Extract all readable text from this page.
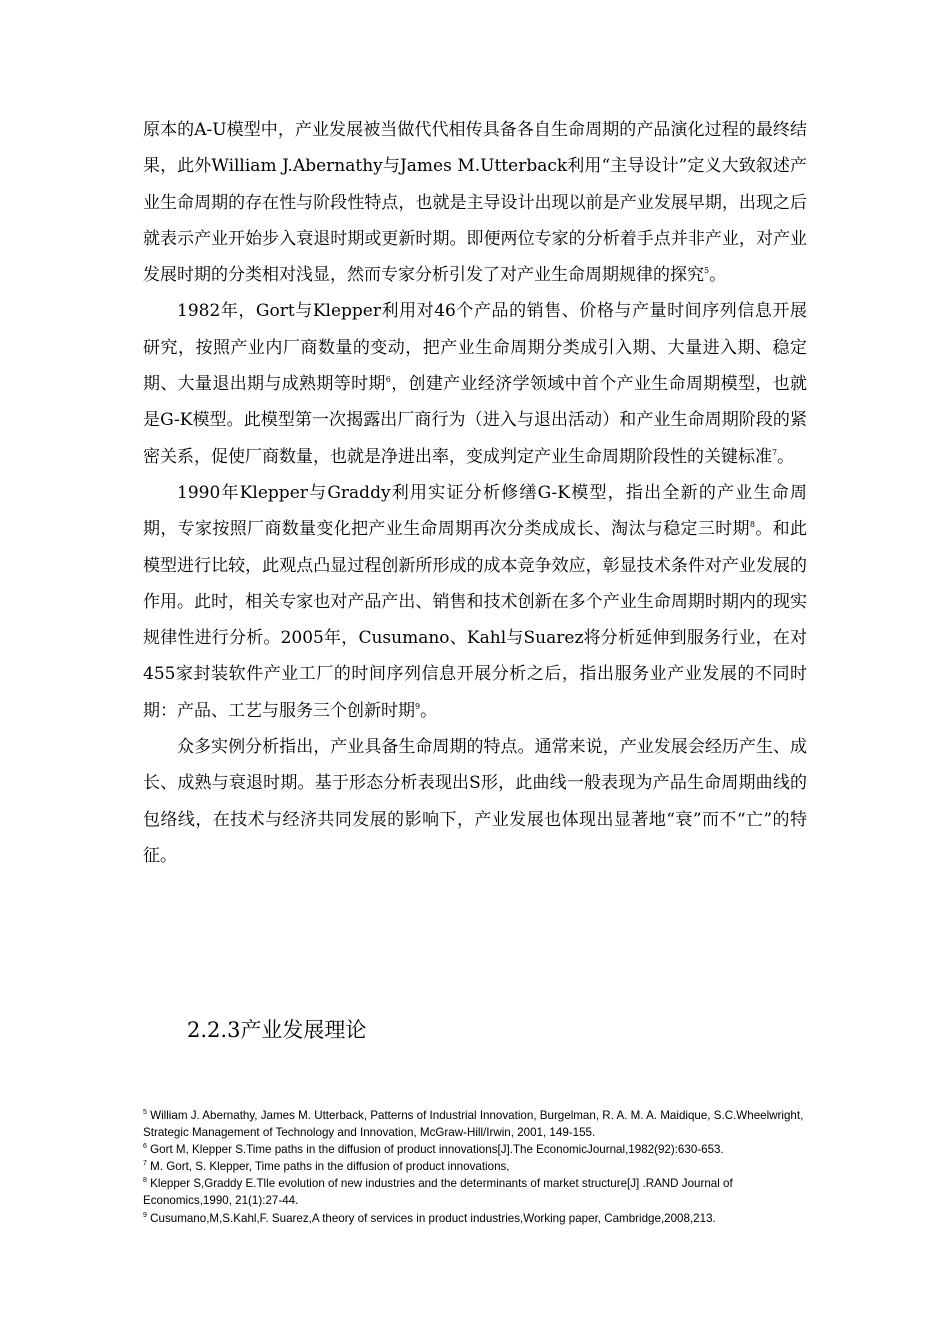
原本的A-U模型中，产业发展被当做代代相传具备各自生命周期的产品演化过程的最终结果，此外William J.Abernathy与James M.Utterback利用“主导设计”定义大致叙述产业生命周期的存在性与阶段性特点，也就是主导设计出现以前是产业发展早期，出现之后就表示产业开始步入衰退时期或更新时期。即便两位专家的分析着手点并非产业，对产业发展时期的分类相对浅显，然而专家分析引发了对产业生命周期规律的探究$^5$。

1982年，Gort与Klepper利用对46个产品的销售、价格与产量时间序列信息开展研究，按照产业内厂商数量的变动，把产业生命周期分类成引入期、大量进入期、稳定期、大量退出期与成熟期等时期$^6$，创建产业经济学领域中首个产业生命周期模型，也就是G-K模型。此模型第一次揭露出厂商行为（进入与退出活动）和产业生命周期阶段的紧密关系，促使厂商数量，也就是净进出率，变成判定产业生命周期阶段性的关键标准$^7$。

1990年Klepper与Graddy利用实证分析修缮G-K模型，指出全新的产业生命周期，专家按照厂商数量变化把产业生命周期再次分类成成长、淘汰与稳定三时期$^8$。和此模型进行比较，此观点凸显过程创新所形成的成本竞争效应，彰显技术条件对产业发展的作用。此时，相关专家也对产品产出、销售和技术创新在多个产业生命周期时期内的现实规律性进行分析。2005年，Cusumano、Kahl与Suarez将分析延伸到服务行业，在对455家封装软件产业工厂的时间序列信息开展分析之后，指出服务业产业发展的不同时期：产品、工艺与服务三个创新时期$^9$。

众多实例分析指出，产业具备生命周期的特点。通常来说，产业发展会经历产生、成长、成熟与衰退时期。基于形态分析表现出S形，此曲线一般表现为产品生命周期曲线的包络线，在技术与经济共同发展的影响下，产业发展也体现出显著地“衰”而不“亡”的特征。

2.2.3产业发展理论

$^5$ William J. Abernathy, James M. Utterback, Patterns of Industrial Innovation, Burgelman, R. A. M. A. Maidique, S.C.Wheelwright, Strategic Management of Technology and Innovation, McGraw-Hill/Irwin, 2001, 149-155.

$^6$ Gort M, Klepper S.Time paths in the diffusion of product innovations[J].The EconomicJournal,1982(92):630-653.

$^7$ M. Gort, S. Klepper, Time paths in the diffusion of product innovations,

$^8$ Klepper S,Graddy E.Tlle evolution of new industries and the determinants of market structure[J] .RAND Journal of Economics,1990, 21(1):27-44.

$^9$ Cusumano,M,S.Kahl,F. Suarez,A theory of services in product industries,Working paper, Cambridge,2008,213.
